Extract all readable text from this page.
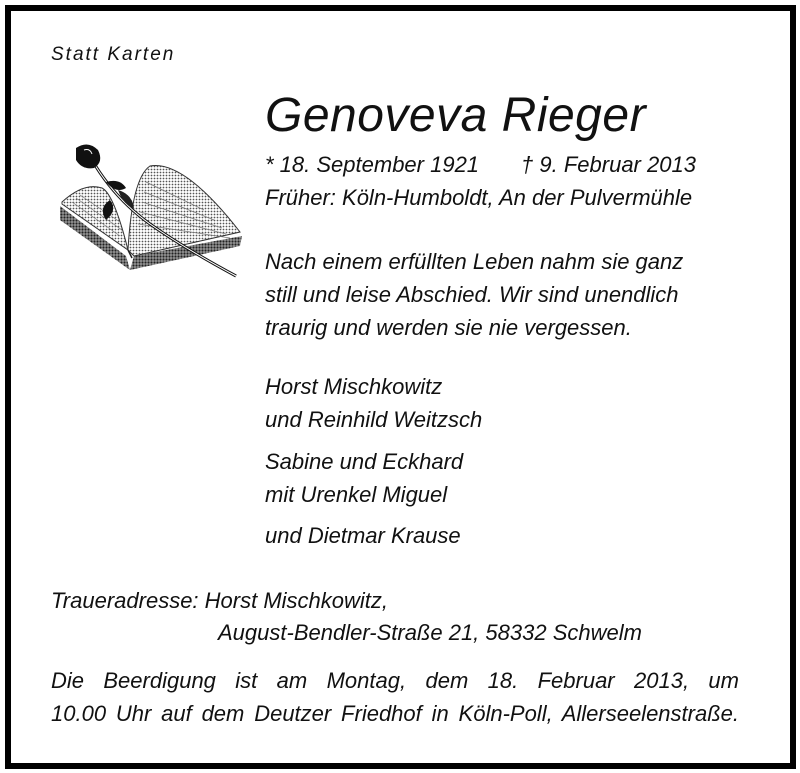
Statt Karten
Genoveva Rieger
* 18. September 1921 † 9. Februar 2013
Früher: Köln-Humboldt, An der Pulvermühle
Nach einem erfüllten Leben nahm sie ganz
still und leise Abschied. Wir sind unendlich
traurig und werden sie nie vergessen.
Horst Mischkowitz
und Reinhild Weitzsch
Sabine und Eckhard
mit Urenkel Miguel
und Dietmar Krause
Traueradresse: Horst Mischkowitz,
August-Bendler-Straße 21, 58332 Schwelm
Die Beerdigung ist am Montag, dem 18. Februar 2013, um
10.00 Uhr auf dem Deutzer Friedhof in Köln-Poll, Allerseelenstraße.
